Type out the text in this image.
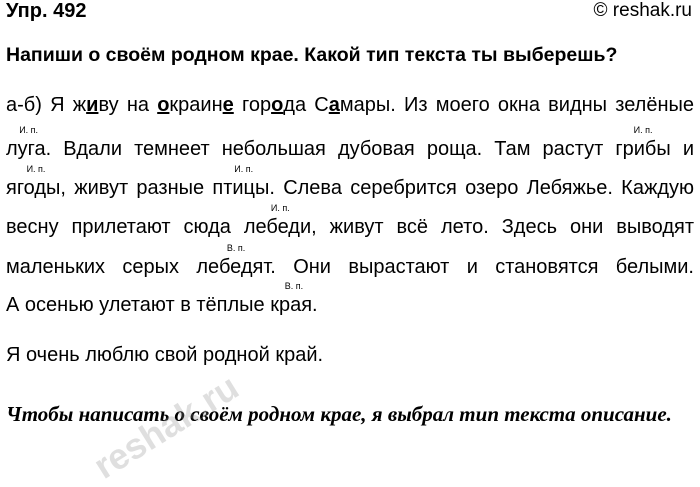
Упр. 492	© reshak.ru
Напиши о своём родном крае. Какой тип текста ты выберешь?
а-б) Я живу на окраине города Самары. Из моего окна видны зелёные
И. п.
луга. Вдали темнеет небольшая дубовая роща. Там растут
И. п.
грибы и
И. п.
ягоды, живут разные
И. п.
птицы. Слева серебрится озеро Лебяжье. Каждую
весну прилетают сюда
И. п.
лебеди, живут всё лето. Здесь они выводят
маленьких серых
В. п.
лебедят. Они вырастают и становятся белыми.
А осенью улетают в тёплые
В. п.
края.
Я очень люблю свой родной край.
Чтобы написать о своём родном крае, я выбрал тип текста описание.
reshak.ru
